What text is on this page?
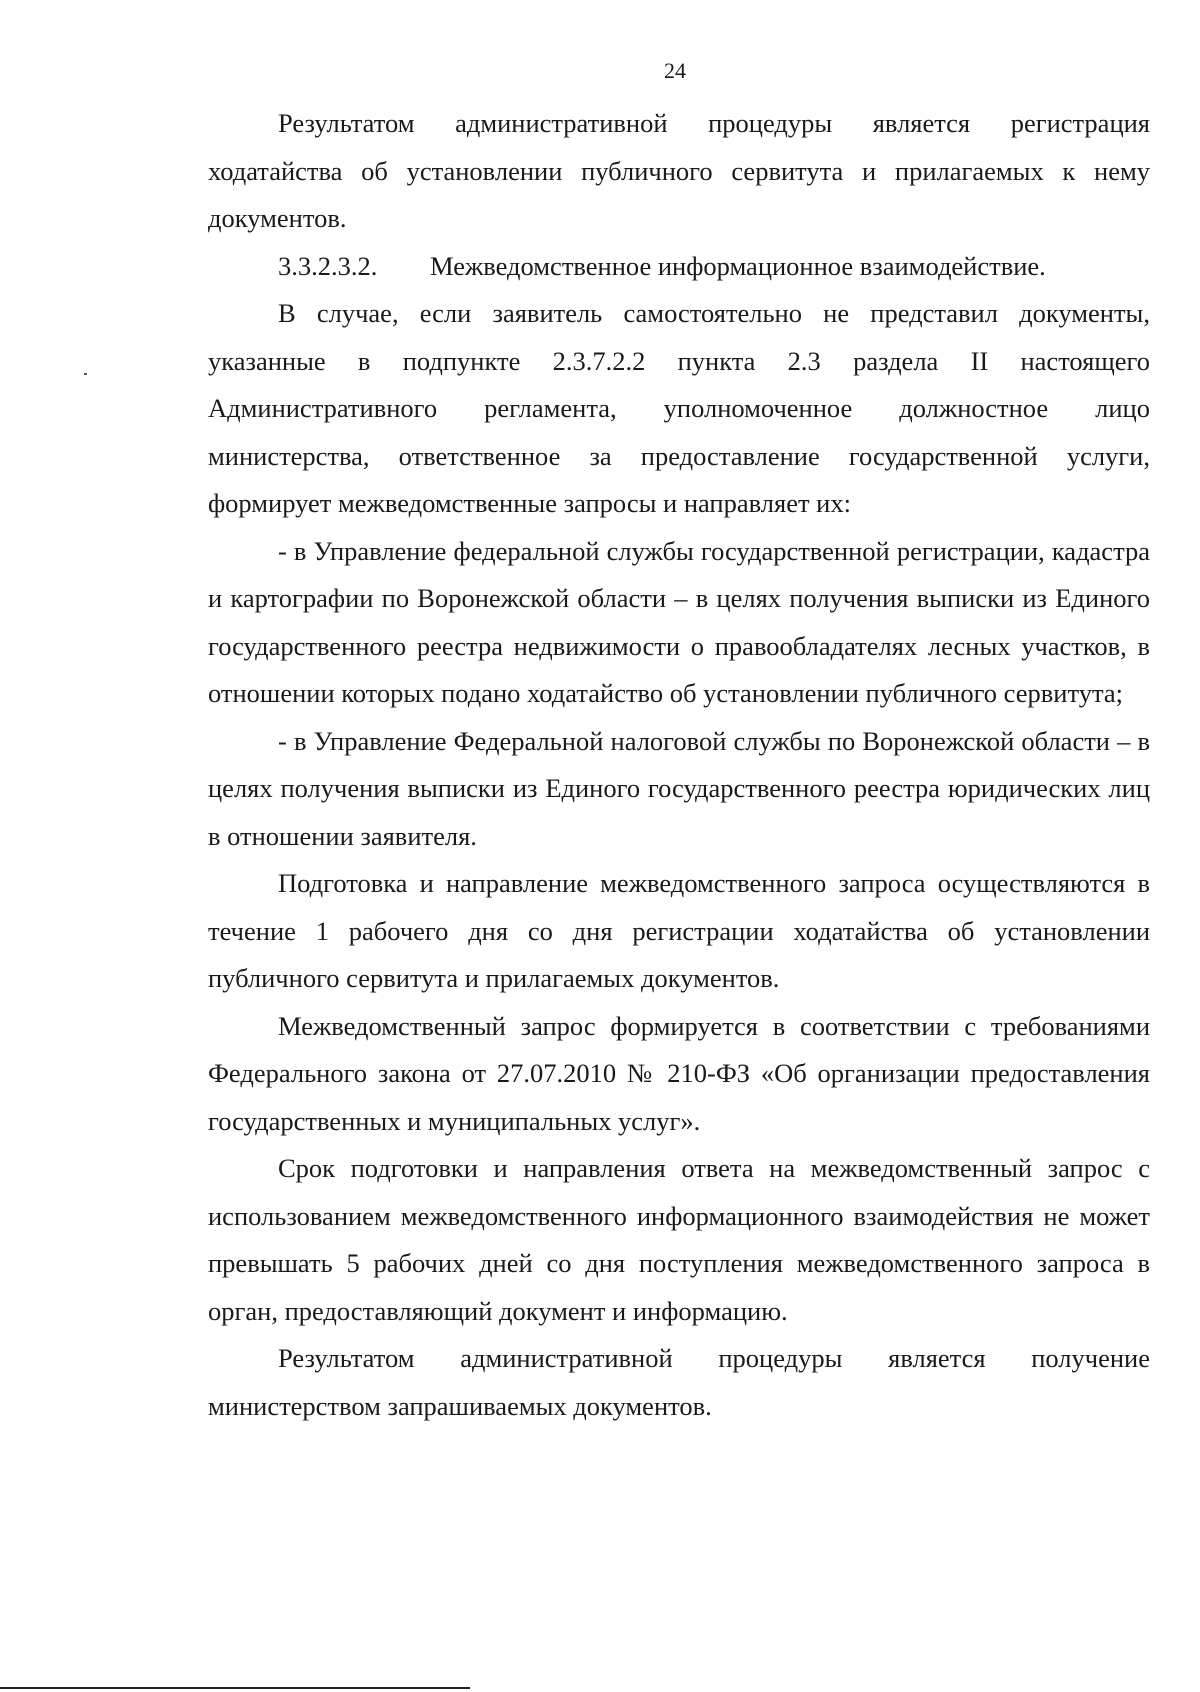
24

Результатом административной процедуры является регистрация ходатайства об установлении публичного сервитута и прилагаемых к нему документов.

3.3.2.3.2. Межведомственное информационное взаимодействие.

В случае, если заявитель самостоятельно не представил документы, указанные в подпункте 2.3.7.2.2 пункта 2.3 раздела II настоящего Административного регламента, уполномоченное должностное лицо министерства, ответственное за предоставление государственной услуги, формирует межведомственные запросы и направляет их:

- в Управление федеральной службы государственной регистрации, кадастра и картографии по Воронежской области – в целях получения выписки из Единого государственного реестра недвижимости о правообладателях лесных участков, в отношении которых подано ходатайство об установлении публичного сервитута;

- в Управление Федеральной налоговой службы по Воронежской области – в целях получения выписки из Единого государственного реестра юридических лиц в отношении заявителя.

Подготовка и направление межведомственного запроса осуществляются в течение 1 рабочего дня со дня регистрации ходатайства об установлении публичного сервитута и прилагаемых документов.

Межведомственный запрос формируется в соответствии с требованиями Федерального закона от 27.07.2010 № 210-ФЗ «Об организации предоставления государственных и муниципальных услуг».

Срок подготовки и направления ответа на межведомственный запрос с использованием межведомственного информационного взаимодействия не может превышать 5 рабочих дней со дня поступления межведомственного запроса в орган, предоставляющий документ и информацию.

Результатом административной процедуры является получение министерством запрашиваемых документов.
